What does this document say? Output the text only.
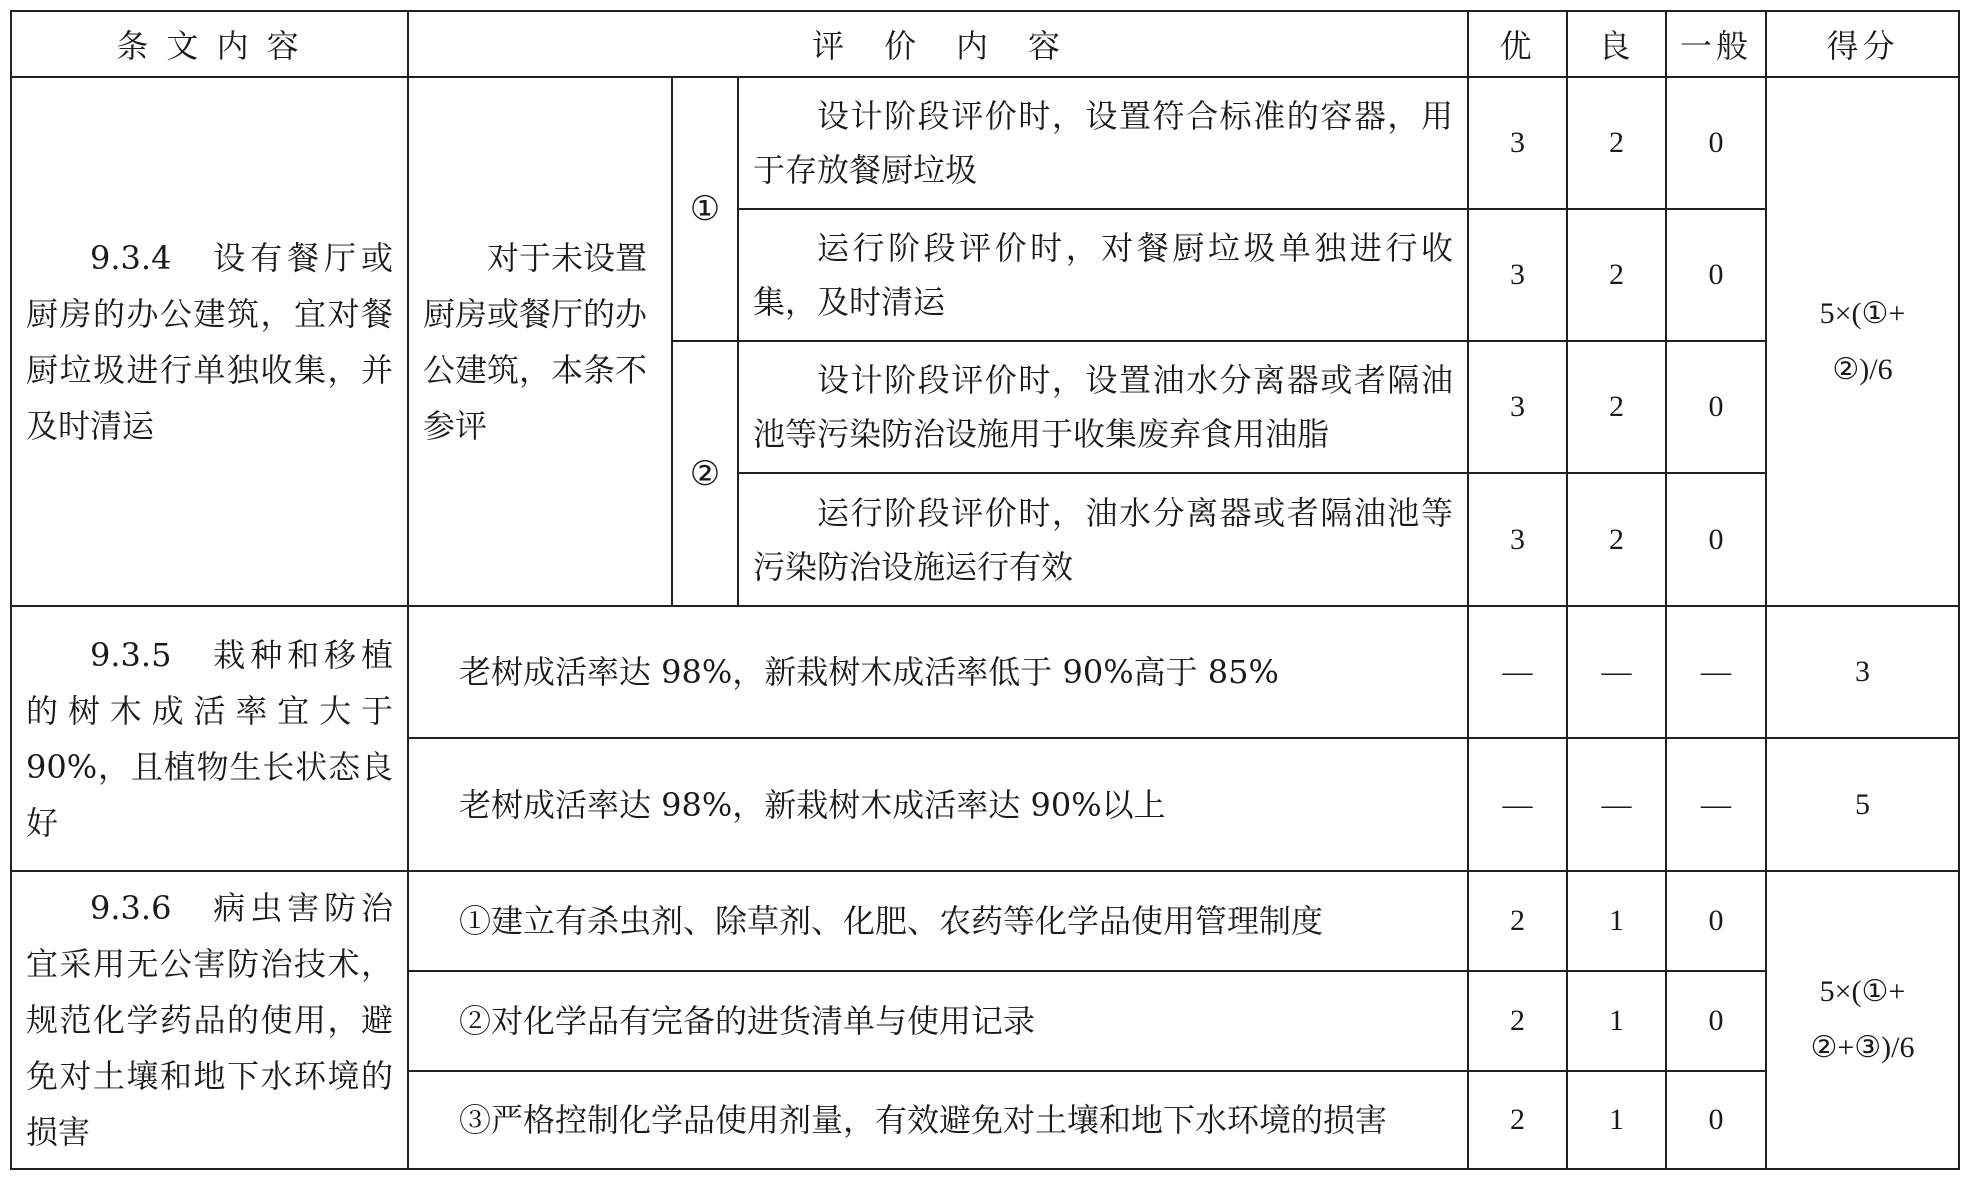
条 文 内 容	评　价　内　容			优	良	一般	得分
9.3.4　设有餐厅或厨房的办公建筑，宜对餐厨垃圾进行单独收集，并及时清运	对于未设置厨房或餐厅的办公建筑，本条不参评	①	设计阶段评价时，设置符合标准的容器，用于存放餐厨垃圾	3	2	0	5×(①+
②)/6

			运行阶段评价时，对餐厨垃圾单独进行收集，及时清运	3	2	0	
		②	设计阶段评价时，设置油水分离器或者隔油池等污染防治设施用于收集废弃食用油脂	3	2	0	
			运行阶段评价时，油水分离器或者隔油池等污染防治设施运行有效	3	2	0	
9.3.5　栽种和移植的树木成活率宜大于 90%，且植物生长状态良好	老树成活率达 98%，新栽树木成活率低于 90%高于 85%			—	—	—	3
	老树成活率达 98%，新栽树木成活率达 90%以上			—	—	—	5
9.3.6　病虫害防治宜采用无公害防治技术，规范化学药品的使用，避免对土壤和地下水环境的损害	①建立有杀虫剂、除草剂、化肥、农药等化学品使用管理制度			2	1	0	5×(①+
②+③)/6

	②对化学品有完备的进货清单与使用记录			2	1	0	
	③严格控制化学品使用剂量，有效避免对土壤和地下水环境的损害			2	1	0	
